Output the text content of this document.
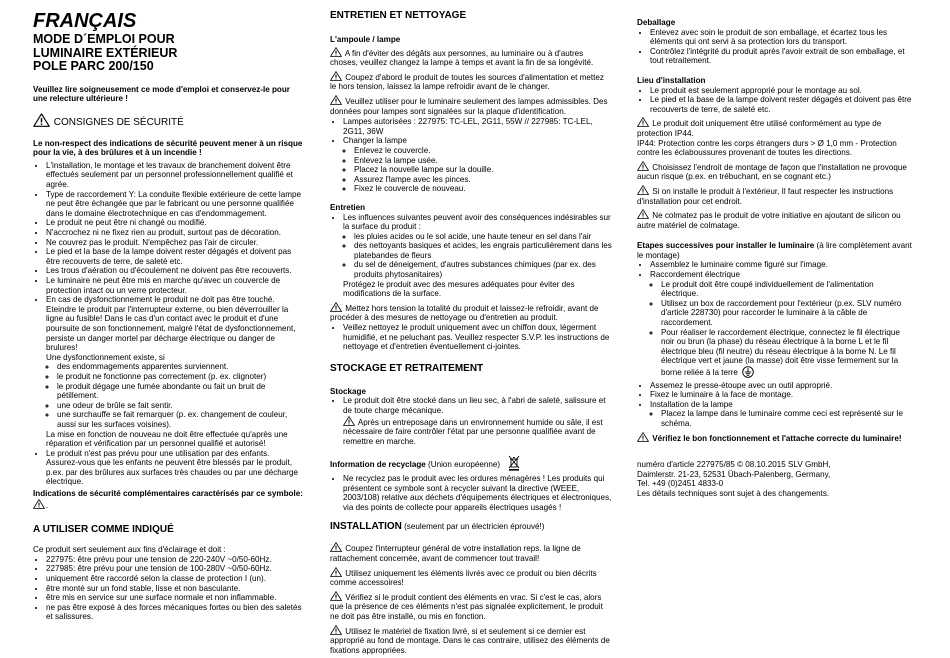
FRANÇAIS
MODE D´EMPLOI POUR
LUMINAIRE EXTÉRIEUR
POLE PARC 200/150

Veuillez lire soigneusement ce mode d'emploi et conservez-le pour une relecture ultérieure !

CONSIGNES DE SÉCURITÉ

Le non-respect des indications de sécurité peuvent mener à un risque pour la vie, à des brûlures et à un incendie !

• L'installation, le montage et les travaux de branchement doivent être effectués seulement par un personnel professionnellement qualifié et agrée.
• Type de raccordement Y: La conduite flexible extérieure de cette lampe ne peut être échangée que par le fabricant ou une personne qualifiée dans le domaine électrotechnique en cas d'endommagement.
• Le produit ne peut être ni changé ou modifié.
• N'accrochez ni ne fixez rien au produit, surtout pas de décoration.
• Ne couvrez pas le produit. N'empêchez pas l'air de circuler.
• Le pied et la base de la lampe doivent rester dégagés et doivent pas être recouverts de terre, de saleté etc.
• Les trous d'aération ou d'écoulement ne doivent pas être recouverts.
• Le luminaire ne peut être mis en marche qu'avec un couvercle de protection intact ou un verre protecteur.
• En cas de dysfonctionnement le produit ne doit pas être touché. Eteindre le produit par l'interrupteur externe, ou bien déverrouiller la ligne au fusible! Dans le cas d'un contact avec le produit et d'une poursuite de son fonctionnement, malgré l'état de dysfonctionnement, persiste un danger mortel par décharge électrique ou danger de brulures!
Une dysfonctionnement existe, si
◦ des endommagements apparentes surviennent.
◦ le produit ne fonctionne pas correctement (p. ex. clignoter)
◦ le produit dégage une fumée abondante ou fait un bruit de pétillement.
◦ une odeur de brûle se fait sentir.
◦ une surchauffe se fait remarquer (p. ex. changement de couleur, aussi sur les surfaces voisines).
La mise en fonction de nouveau ne doit être effectuée qu'après une réparation et vérification par un personnel qualifié et autorisé!
• Le produit n'est pas prévu pour une utilisation par des enfants. Assurez-vous que les enfants ne peuvent être blessés par le produit, p.ex. par des brûlures aux surfaces très chaudes ou par une décharge électrique.

Indications de sécurité complémentaires caractérisés par ce symbole:

.

A UTILISER COMME INDIQUÉ

Ce produit sert seulement aux fins d'éclairage et doit :

• 227975: être prévu pour une tension de 220-240V ~0/50-60Hz.
• 227985: être prévu pour une tension de 100-280V ~0/50-60Hz.
• uniquement être raccordé selon la classe de protection I (un).
• être monté sur un fond stable, lisse et non basculante.
• être mis en service sur une surface normale et non inflammable.
• ne pas être exposé à des forces mécaniques fortes ou bien des saletés et salissures.
ENTRETIEN ET NETTOYAGE
L'ampoule / lampe

A fin d'éviter des dégâts aux personnes, au luminaire ou à d'autres choses, veuillez changez la lampe à temps et avant la fin de sa longévité.

Coupez d'abord le produit de toutes les sources d'alimentation et mettez le hors tension, laissez la lampe refroidir avant de le changer.

Veuillez utiliser pour le luminaire seulement des lampes admissibles. Des données pour lampes sont signalées sur la plaque d'identification.

• Lampes autorisées : 227975: TC-LEL, 2G11, 55W // 227985: TC-LEL, 2G11, 36W
• Changer la lampe
◦ Enlevez le couvercle.
◦ Enlevez la lampe usée.
◦ Placez la nouvelle lampe sur la douille.
◦ Assurez l'lampe avec les pinces.
◦ Fixez le couvercle de nouveau.
Entretien
• Les influences suivantes peuvent avoir des conséquences indésirables sur la surface du produit :
◦ les pluies acides ou le sol acide, une haute teneur en sel dans l'air
◦ des nettoyants basiques et acides, les engrais particulièrement dans les platebandes de fleurs
◦ du sel de déneigement, d'autres substances chimiques (par ex. des produits phytosanitaires)
Protégez le produit avec des mesures adéquates pour éviter des modifications de la surface.

Mettez hors tension la totalité du produit et laissez-le refroidir, avant de procéder à des mesures de nettoyage ou d'entretien au produit.

• Veillez nettoyez le produit uniquement avec un chiffon doux, légerment humidifié, et ne peluchant pas. Veuillez respecter S.V.P. les instructions de nettoyage et d'entretien éventuellement ci-jointes.
STOCKAGE ET RETRAITEMENT
Stockage
• Le produit doit être stocké dans un lieu sec, à l'abri de saleté, salissure et de toute charge mécanique.

Après un entreposage dans un environnement humide ou sâle, il est nécessaire de faire contrôler l'état par une personne qualifiée avant de remettre en marche.
Information de recyclage (Union européenne)
• Ne recyclez pas le produit avec les ordures ménagères ! Les produits qui présentent ce symbole sont à recycler suivant la directive (WEEE, 2003/108) relative aux déchets d'équipements électriques et électroniques, via des points de collecte pour appareils électriques usagés !
INSTALLATION (seulement par un électricien éprouvé!)

Coupez l'interrupteur général de votre installation reps. la ligne de rattachement concernée, avant de commencer tout travail!

Utilisez uniquement les éléments livrés avec ce produit ou bien décrits comme accessoires!

Vérifiez si le produit contient des éléments en vrac. Si c'est le cas, alors que la présence de ces éléments n'est pas signalée explicitement, le produit ne doit pas être installé, ou mis en fonction.

Utilisez le matériel de fixation livré, si et seulement si ce dernier est approprié au fond de montage. Dans le cas contraire, utilisez des éléments de fixations appropriées.

Deballage
• Enlevez avec soin le produit de son emballage, et écartez tous les éléments qui ont servi à sa protection lors du transport.
• Contrôlez l'intégrité du produit après l'avoir extrait de son emballage, et tout retraitement.
Lieu d'installation
• Le produit est seulement approprié pour le montage au sol.
• Le pied et la base de la lampe doivent rester dégagés et doivent pas être recouverts de terre, de saleté etc.

Le produit doit uniquement être utilisé conformément au type de protection IP44.

IP44: Protection contre les corps étrangers durs > Ø 1,0 mm - Protection contre les éclaboussures provenant de toutes les directions.

Choisissez l'endroit de montage de façon que l'installation ne provoque aucun risque (p.ex. en trébuchant, en se cognant etc.)

Si on installe le produit à l'extérieur, Il faut respecter les instructions d'installation pour cet endroit.

Ne colmatez pas le produit de votre initiative en ajoutant de silicon ou autre matériel de colmatage.

Etapes successives pour installer le luminaire (à lire complètement avant le montage)
• Assemblez le luminaire comme figuré sur l'image.
• Raccordement électrique
◦ Le produit doit être coupé individuellement de l'alimentation électrique.
◦ Utilisez un box de raccordement pour l'extérieur (p.ex. SLV numéro d'article 228730) pour raccorder le luminaire à la câble de raccordement.
◦ Pour réaliser le raccordement électrique, connectez le fil électrique noir ou brun (la phase) du réseau électrique à la borne L et le fil électrique bleu (fil neutre) du réseau électrique à la borne N. Le fil électrique vert et jaune (la masse) doit être visse fermement sur la borne reliée à la terre
• Assemez le presse-étoupe avec un outil approprié.
• Fixez le luminaire à la face de montage.
• Installation de la lampe
◦ Placez la lampe dans le luminaire comme ceci est représenté sur le schéma.

Vérifiez le bon fonctionnement et l'attache correcte du luminaire!

numéro d'article 227975/85 © 08.10.2015 SLV GmbH,
Daimlerstr. 21-23, 52531 Übach-Palenberg, Germany,
Tel. +49 (0)2451 4833-0
Les détails techniques sont sujet à des changements.
